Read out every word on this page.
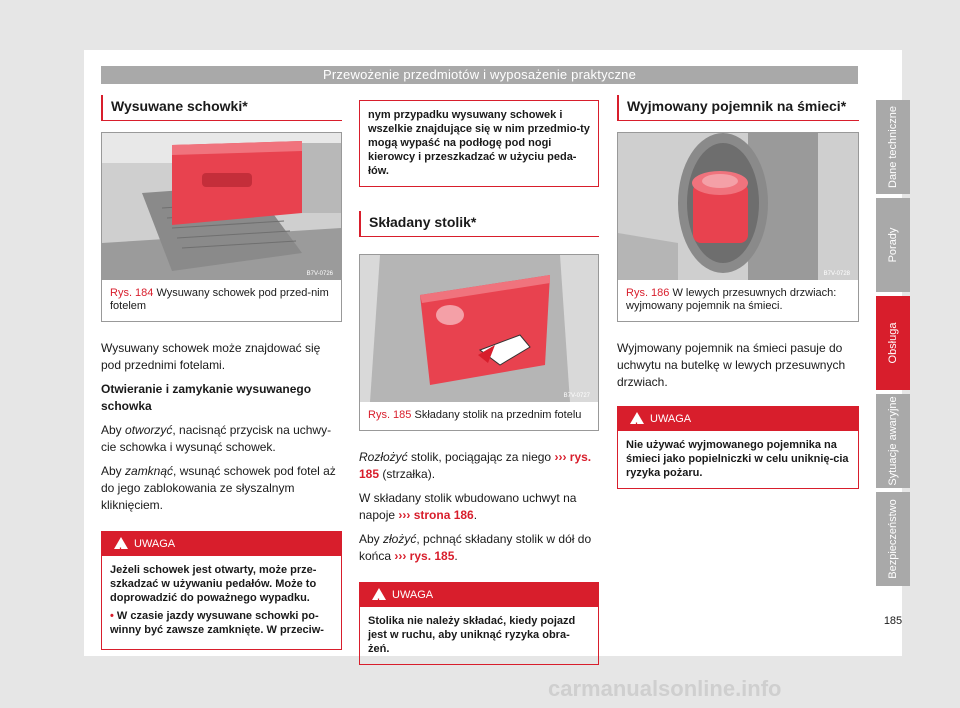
Przewożenie przedmiotów i wyposażenie praktyczne
Wysuwane schowki*
B7V-0726
Rys. 184 Wysuwany schowek pod przed-nim fotelem

Wysuwany schowek może znajdować się pod przednimi fotelami.

Otwieranie i zamykanie wysuwanego schowka

Aby otworzyć, nacisnąć przycisk na uchwy-cie schowka i wysunąć schowek.

Aby zamknąć, wsunąć schowek pod fotel aż do jego zablokowania ze słyszalnym kliknięciem.

!
UWAGA
Jeżeli schowek jest otwarty, może prze-szkadzać w używaniu pedałów. Może to doprowadzić do poważnego wypadku.
• W czasie jazdy wysuwane schowki po-winny być zawsze zamknięte. W przeciw-
nym przypadku wysuwany schowek i wszelkie znajdujące się w nim przedmio-ty mogą wypaść na podłogę pod nogi kierowcy i przeszkadzać w użyciu peda-łów.
Składany stolik*
B7V-0727
Rys. 185 Składany stolik na przednim fotelu

Rozłożyć stolik, pociągając za niego ››› rys. 185 (strzałka).

W składany stolik wbudowano uchwyt na napoje ››› strona 186.

Aby złożyć, pchnąć składany stolik w dół do końca ››› rys. 185.

!
UWAGA
Stolika nie należy składać, kiedy pojazd jest w ruchu, aby uniknąć ryzyka obra-żeń.
Wyjmowany pojemnik na śmieci*
B7V-0728
Rys. 186 W lewych przesuwnych drzwiach: wyjmowany pojemnik na śmieci.

Wyjmowany pojemnik na śmieci pasuje do uchwytu na butelkę w lewych przesuwnych drzwiach.

!
UWAGA
Nie używać wyjmowanego pojemnika na śmieci jako popielniczki w celu uniknię-cia ryzyka pożaru.
Dane techniczne
Porady
Obsługa
Sytuacje awaryjne
Bezpieczeństwo
185
carmanualsonline.info
